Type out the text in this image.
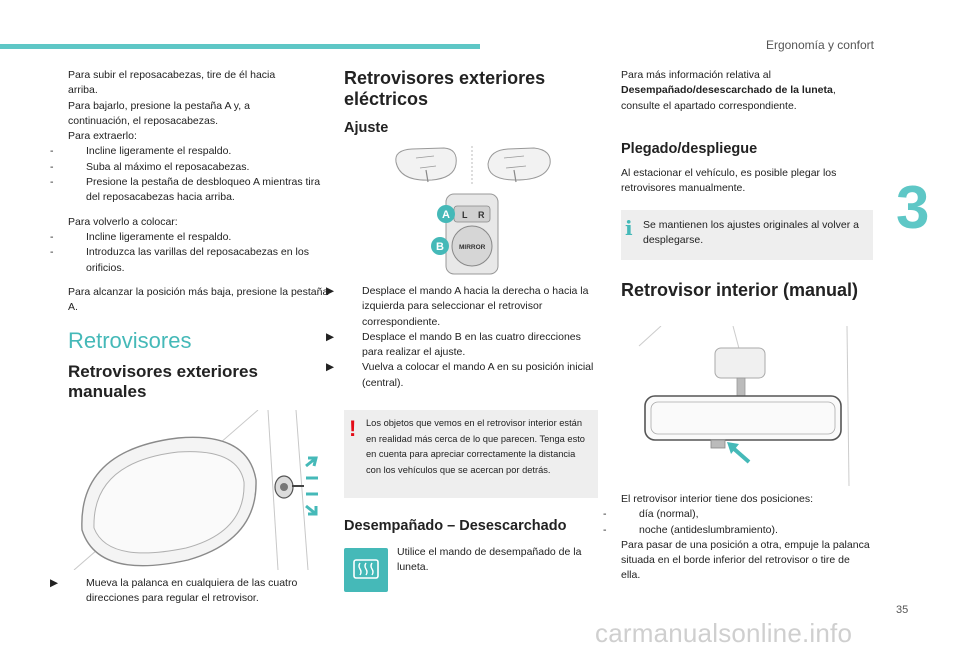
Ergonomía y confort
3
35

Para subir el reposacabezas, tire de él hacia

arriba.

Para bajarlo, presione la pestaña A y, a

continuación, el reposacabezas.

Para extraerlo:

-	Incline ligeramente el respaldo.

-	Suba al máximo el reposacabezas.

-	Presione la pestaña de desbloqueo A mientras tira del reposacabezas hacia arriba.

Para volverlo a colocar:

-	Incline ligeramente el respaldo.

-	Introduzca las varillas del reposacabezas en los orificios.

Para alcanzar la posición más baja, presione la pestaña A.

Retrovisores
Retrovisores exteriores
manuales

▶︎	Mueva la palanca en cualquiera de las cuatro direcciones para regular el retrovisor.

Retrovisores exteriores
eléctricos
Ajuste
L R
MIRROR
A
B

▶︎	Desplace el mando A hacia la derecha o hacia la izquierda para seleccionar el retrovisor correspondiente.

▶︎	Desplace el mando B en las cuatro direcciones para realizar el ajuste.

▶︎	Vuelva a colocar el mando A en su posición inicial (central).

! Los objetos que vemos en el retrovisor interior están en realidad más cerca de lo que parecen. Tenga esto en cuenta para apreciar correctamente la distancia con los vehículos que se acercan por detrás.

Desempañado – Desescarchado

Utilice el mando de desempañado de la luneta.

Para más información relativa al

Desempañado/desescarchado de la luneta,

consulte el apartado correspondiente.

Plegado/despliegue

Al estacionar el vehículo, es posible plegar los retrovisores manualmente.

i Se mantienen los ajustes originales al volver a desplegarse.

Retrovisor interior (manual)

El retrovisor interior tiene dos posiciones:

-	día (normal),

-	noche (antideslumbramiento).

Para pasar de una posición a otra, empuje la palanca situada en el borde inferior del retrovisor o tire de ella.

carmanualsonline.info
